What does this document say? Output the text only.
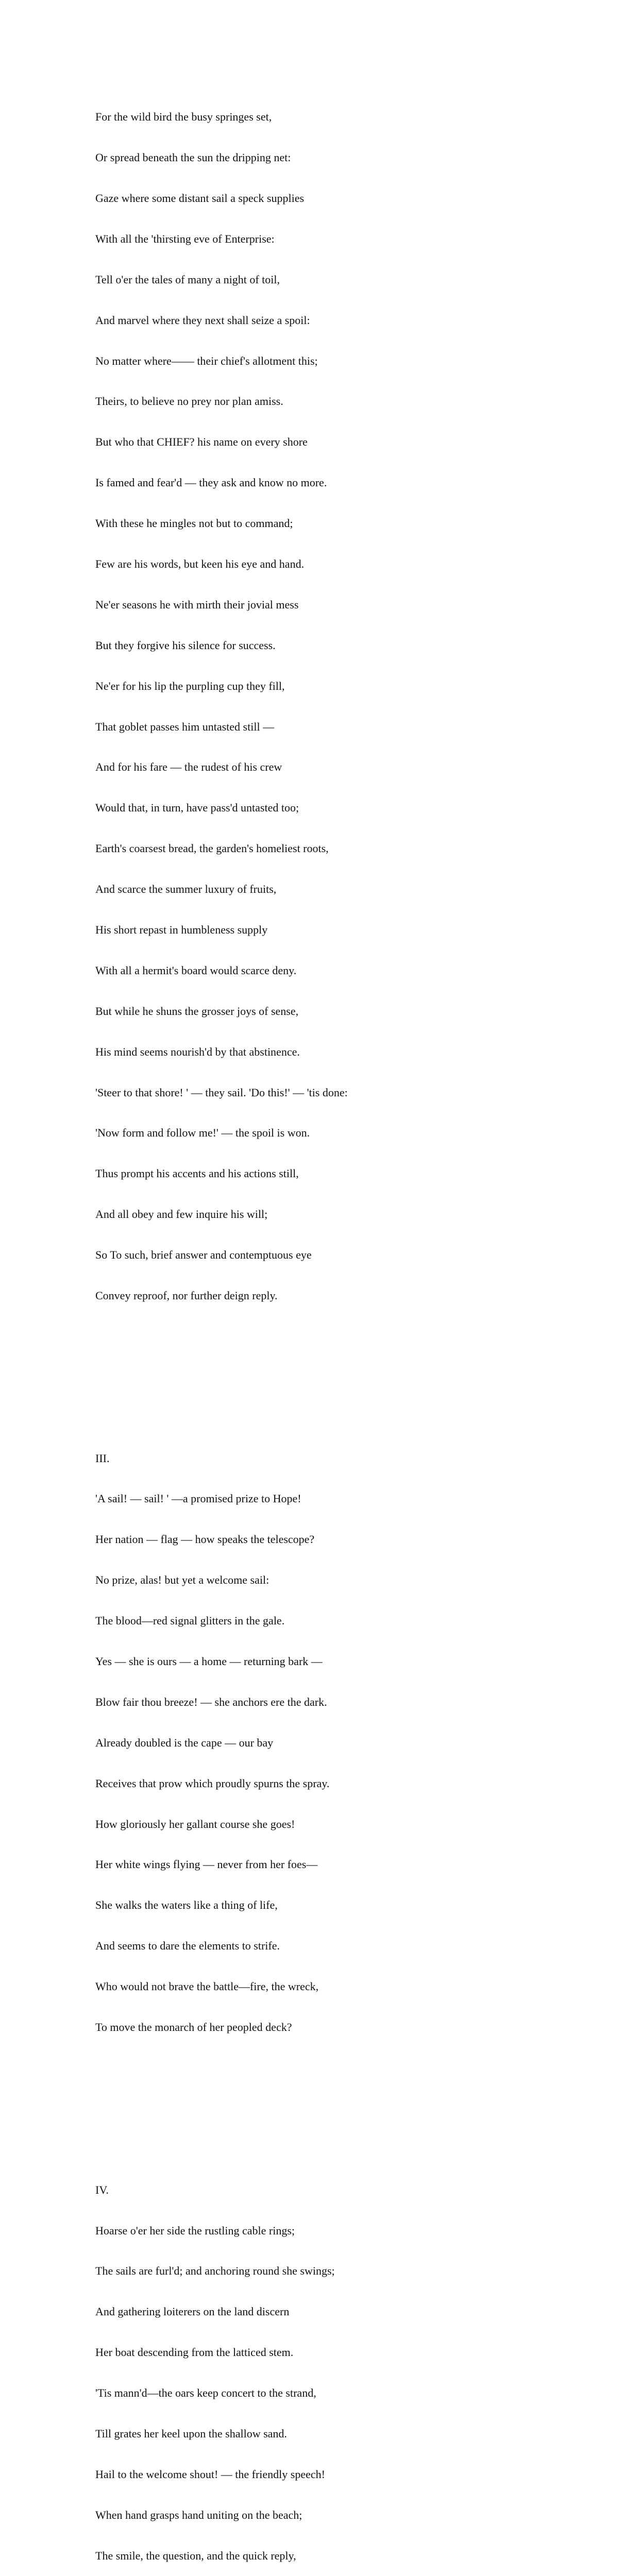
For the wild bird the busy springes set,

Or spread beneath the sun the dripping net:

Gaze where some distant sail a speck supplies

With all the 'thirsting eve of Enterprise:

Tell o'er the tales of many a night of toil,

And marvel where they next shall seize a spoil:

No matter where—— their chief's allotment this;

Theirs, to believe no prey nor plan amiss.

But who that CHIEF? his name on every shore

Is famed and fear'd — they ask and know no more.

With these he mingles not but to command;

Few are his words, but keen his eye and hand.

Ne'er seasons he with mirth their jovial mess

But they forgive his silence for success.

Ne'er for his lip the purpling cup they fill,

That goblet passes him untasted still —

And for his fare — the rudest of his crew

Would that, in turn, have pass'd untasted too;

Earth's coarsest bread, the garden's homeliest roots,

And scarce the summer luxury of fruits,

His short repast in humbleness supply

With all a hermit's board would scarce deny.

But while he shuns the grosser joys of sense,

His mind seems nourish'd by that abstinence.

'Steer to that shore! ' — they sail. 'Do this!' — 'tis done:

'Now form and follow me!' — the spoil is won.

Thus prompt his accents and his actions still,

And all obey and few inquire his will;

So To such, brief answer and contemptuous eye

Convey reproof, nor further deign reply.

III.

'A sail! — sail! ' —a promised prize to Hope!

Her nation — flag — how speaks the telescope?

No prize, alas! but yet a welcome sail:

The blood—red signal glitters in the gale.

Yes — she is ours — a home — returning bark —

Blow fair thou breeze! — she anchors ere the dark.

Already doubled is the cape — our bay

Receives that prow which proudly spurns the spray.

How gloriously her gallant course she goes!

Her white wings flying — never from her foes—

She walks the waters like a thing of life,

And seems to dare the elements to strife.

Who would not brave the battle—fire, the wreck,

To move the monarch of her peopled deck?

IV.

Hoarse o'er her side the rustling cable rings;

The sails are furl'd; and anchoring round she swings;

And gathering loiterers on the land discern

Her boat descending from the latticed stem.

'Tis mann'd—the oars keep concert to the strand,

Till grates her keel upon the shallow sand.

Hail to the welcome shout! — the friendly speech!

When hand grasps hand uniting on the beach;

The smile, the question, and the quick reply,
